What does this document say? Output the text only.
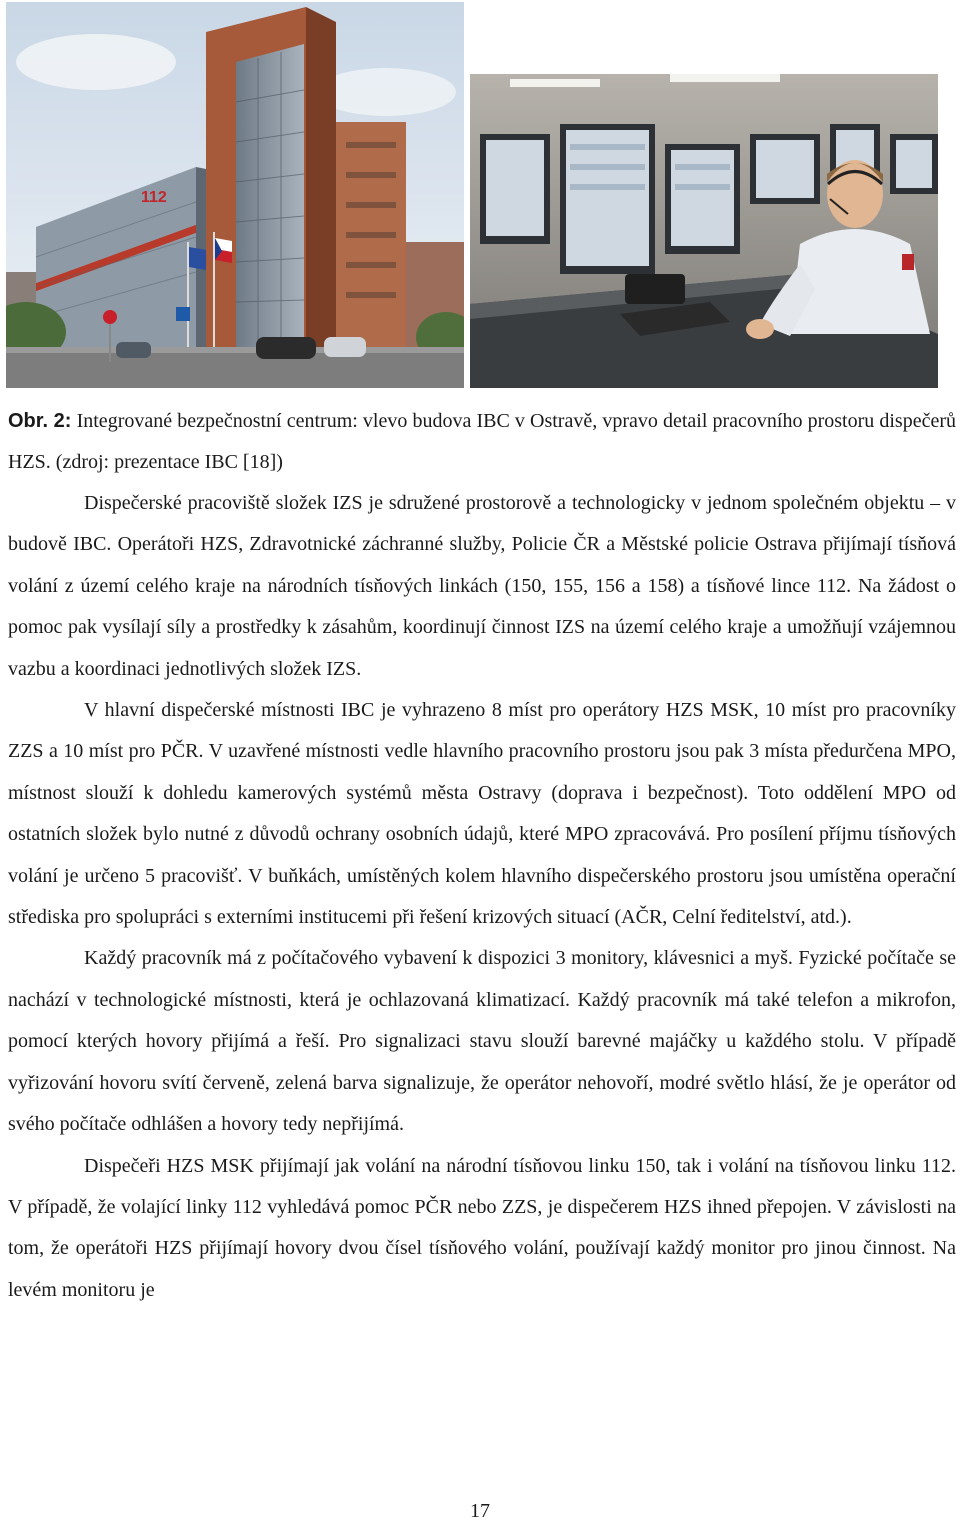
112
Obr. 2: Integrované bezpečnostní centrum: vlevo budova IBC v Ostravě, vpravo detail pracovního prostoru dispečerů HZS. (zdroj: prezentace IBC [18])

Dispečerské pracoviště složek IZS je sdružené prostorově a technologicky v jednom společném objektu – v budově IBC. Operátoři HZS, Zdravotnické záchranné služby, Policie ČR a Městské policie Ostrava přijímají tísňová volání z území celého kraje na národních tísňových linkách (150, 155, 156 a 158) a tísňové lince 112. Na žádost o pomoc pak vysílají síly a prostředky k zásahům, koordinují činnost IZS na území celého kraje a umožňují vzájemnou vazbu a koordinaci jednotlivých složek IZS.

V hlavní dispečerské místnosti IBC je vyhrazeno 8 míst pro operátory HZS MSK, 10 míst pro pracovníky ZZS a 10 míst pro PČR. V uzavřené místnosti vedle hlavního pracovního prostoru jsou pak 3 místa předurčena MPO, místnost slouží k dohledu kamerových systémů města Ostravy (doprava i bezpečnost). Toto oddělení MPO od ostatních složek bylo nutné z důvodů ochrany osobních údajů, které MPO zpracovává. Pro posílení příjmu tísňových volání je určeno 5 pracovišť. V buňkách, umístěných kolem hlavního dispečerského prostoru jsou umístěna operační střediska pro spolupráci s externími institucemi při řešení krizových situací (AČR, Celní ředitelství, atd.).

Každý pracovník má z počítačového vybavení k dispozici 3 monitory, klávesnici a myš. Fyzické počítače se nachází v technologické místnosti, která je ochlazovaná klimatizací. Každý pracovník má také telefon a mikrofon, pomocí kterých hovory přijímá a řeší. Pro signalizaci stavu slouží barevné majáčky u každého stolu. V případě vyřizování hovoru svítí červeně, zelená barva signalizuje, že operátor nehovoří, modré světlo hlásí, že je operátor od svého počítače odhlášen a hovory tedy nepřijímá.

Dispečeři HZS MSK přijímají jak volání na národní tísňovou linku 150, tak i volání na tísňovou linku 112. V případě, že volající linky 112 vyhledává pomoc PČR nebo ZZS, je dispečerem HZS ihned přepojen. V závislosti na tom, že operátoři HZS přijímají hovory dvou čísel tísňového volání, používají každý monitor pro jinou činnost. Na levém monitoru je

17
